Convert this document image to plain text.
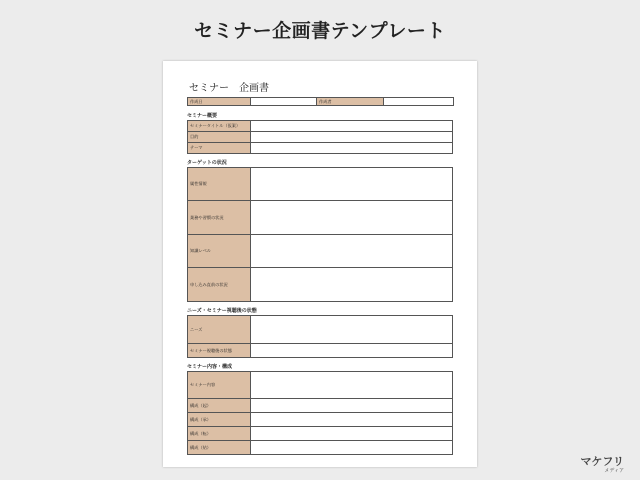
セミナー企画書テンプレート
セミナー　企画書
作成日		作成者	
セミナー概要
セミナータイトル（仮案）	
目的	
テーマ	
ターゲットの状況
属性情報	
業務や習慣の状況	
知識レベル	
申し込み直前の状況	
ニーズ・セミナー視聴後の状態
ニーズ	
セミナー視聴後の状態	
セミナー内容・構成
セミナー内容	
構成（起）	
構成（承）	
構成（転）	
構成（結）	
マケフリ
メディア
